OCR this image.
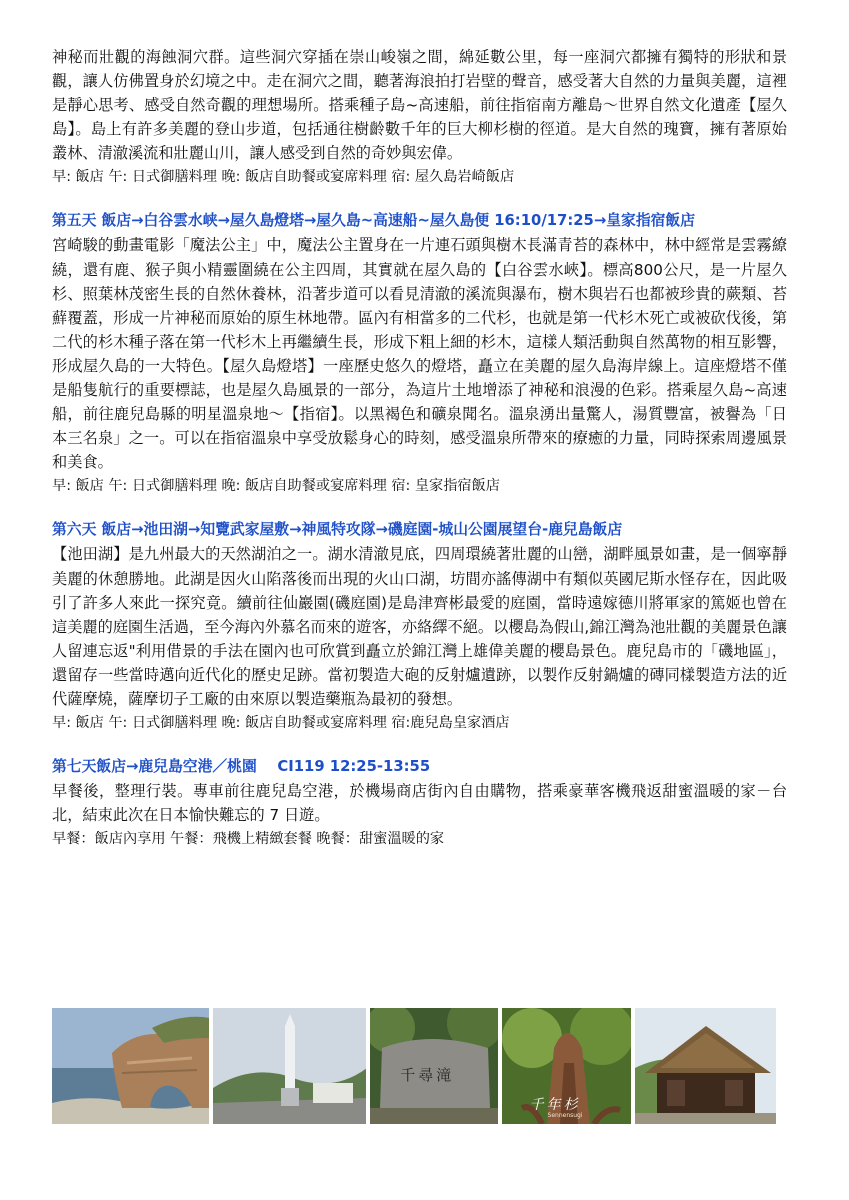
神秘而壯觀的海蝕洞穴群。這些洞穴穿插在崇山峻嶺之間，綿延數公里，每一座洞穴都擁有獨特的形狀和景觀，讓人仿佛置身於幻境之中。走在洞穴之間，聽著海浪拍打岩壁的聲音，感受著大自然的力量與美麗，這裡是靜心思考、感受自然奇觀的理想場所。搭乘種子島~高速船，前往指宿南方離島～世界自然文化遺產【屋久島】。島上有許多美麗的登山步道，包括通往樹齡數千年的巨大柳杉樹的徑道。是大自然的瑰寶，擁有著原始叢林、清澈溪流和壯麗山川，讓人感受到自然的奇妙與宏偉。

早: 飯店 午: 日式御膳料理 晚: 飯店自助餐或宴席料理 宿: 屋久島岩崎飯店

第五天 飯店→白谷雲水峡→屋久島燈塔→屋久島~高速船~屋久島便 16:10/17:25→皇家指宿飯店

宮崎駿的動畫電影「魔法公主」中，魔法公主置身在一片連石頭與樹木長滿青苔的森林中，林中經常是雲霧繚繞，還有鹿、猴子與小精靈圍繞在公主四周，其實就在屋久島的【白谷雲水峽】。標高800公尺，是一片屋久杉、照葉林茂密生長的自然休養林，沿著步道可以看見清澈的溪流與瀑布，樹木與岩石也都被珍貴的蕨類、苔蘚覆蓋，形成一片神秘而原始的原生林地帶。區內有相當多的二代杉，也就是第一代杉木死亡或被砍伐後，第二代的杉木種子落在第一代杉木上再繼續生長，形成下粗上細的杉木，這樣人類活動與自然萬物的相互影響，形成屋久島的一大特色。【屋久島燈塔】一座歷史悠久的燈塔，矗立在美麗的屋久島海岸線上。這座燈塔不僅是船隻航行的重要標誌，也是屋久島風景的一部分，為這片土地增添了神秘和浪漫的色彩。搭乘屋久島~高速船，前往鹿兒島縣的明星溫泉地～【指宿】。以黑褐色和礦泉聞名。溫泉湧出量驚人，湯質豐富，被譽為「日本三名泉」之一。可以在指宿溫泉中享受放鬆身心的時刻，感受溫泉所帶來的療癒的力量，同時探索周邊風景和美食。

早: 飯店 午: 日式御膳料理 晚: 飯店自助餐或宴席料理 宿: 皇家指宿飯店

第六天 飯店→池田湖→知覽武家屋敷→神風特攻隊→磯庭園-城山公園展望台-鹿兒島飯店

【池田湖】是九州最大的天然湖泊之一。湖水清澈見底，四周環繞著壯麗的山巒，湖畔風景如畫，是一個寧靜美麗的休憩勝地。此湖是因火山陷落後而出現的火山口湖，坊間亦謠傳湖中有類似英國尼斯水怪存在，因此吸引了許多人來此一探究竟。續前往仙巖園(磯庭園)是島津齊彬最愛的庭園，當時遠嫁德川將軍家的篤姬也曾在這美麗的庭園生活過，至今海內外慕名而來的遊客，亦絡繹不絕。以櫻島為假山,錦江灣為池壯觀的美麗景色讓人留連忘返"利用借景的手法在園內也可欣賞到矗立於錦江灣上雄偉美麗的櫻島景色。鹿兒島市的「磯地區」，還留存一些當時邁向近代化的歷史足跡。當初製造大砲的反射爐遺跡，以製作反射鍋爐的磚同樣製造方法的近代薩摩燒，薩摩切子工廠的由來原以製造藥瓶為最初的發想。

早: 飯店 午: 日式御膳料理 晚: 飯店自助餐或宴席料理 宿:鹿兒島皇家酒店

第七天飯店→鹿兒島空港／桃園 CI119 12:25-13:55

早餐後，整理行裝。專車前往鹿兒島空港，於機場商店街內自由購物，搭乘豪華客機飛返甜蜜溫暖的家－台北，結束此次在日本愉快難忘的 7 日遊。

早餐：飯店內享用 午餐：飛機上精緻套餐 晚餐：甜蜜溫暖的家

千尋滝
千年杉
Sennensugi
